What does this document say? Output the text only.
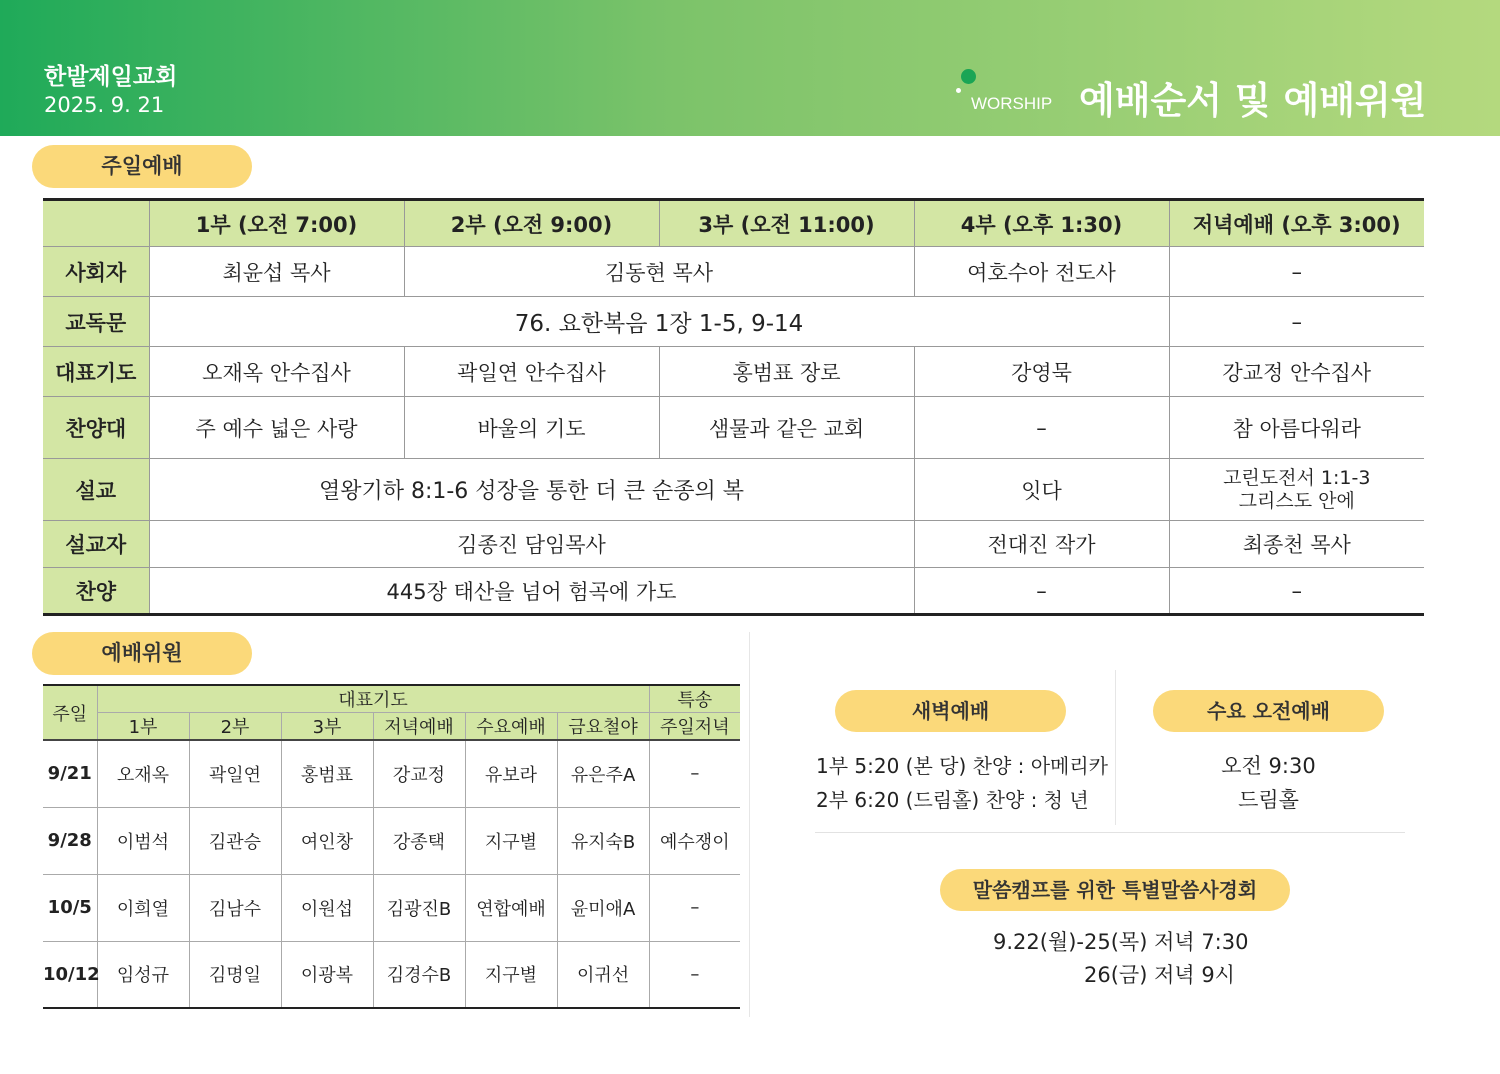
한밭제일교회
2025. 9. 21	WORSHIP 예배순서 및 예배위원
주일예배
	1부 (오전 7:00)	2부 (오전 9:00)	3부 (오전 11:00)	4부 (오후 1:30)	저녁예배 (오후 3:00)
사회자	최윤섭 목사	김동현 목사		여호수아 전도사	–
교독문	76. 요한복음 1장 1-5, 9-14				–
대표기도	오재옥 안수집사	곽일연 안수집사	홍범표 장로	강영묵	강교정 안수집사
찬양대	주 예수 넓은 사랑	바울의 기도	샘물과 같은 교회	–	참 아름다워라
설교	열왕기하 8:1-6 성장을 통한 더 큰 순종의 복			잇다	고린도전서 1:1-3
그리스도 안에

설교자	김종진 담임목사			전대진 작가	최종천 목사
찬양	445장 태산을 넘어 험곡에 가도			–	–
예배위원
주일	대표기도						특송
	1부	2부	3부	저녁예배	수요예배	금요철야	주일저녁
9/21	오재옥	곽일연	홍범표	강교정	유보라	유은주A	–
9/28	이범석	김관승	여인창	강종택	지구별	유지숙B	예수쟁이
10/5	이희열	김남수	이원섭	김광진B	연합예배	윤미애A	–
10/12	임성규	김명일	이광복	김경수B	지구별	이귀선	–
새벽예배
1부 5:20 (본 당) 찬양 : 아메리카
2부 6:20 (드림홀) 찬양 : 청 년
수요 오전예배
오전 9:30
드림홀
말씀캠프를 위한 특별말씀사경회
9.22(월)-25(목) 저녁 7:30
26(금) 저녁 9시
